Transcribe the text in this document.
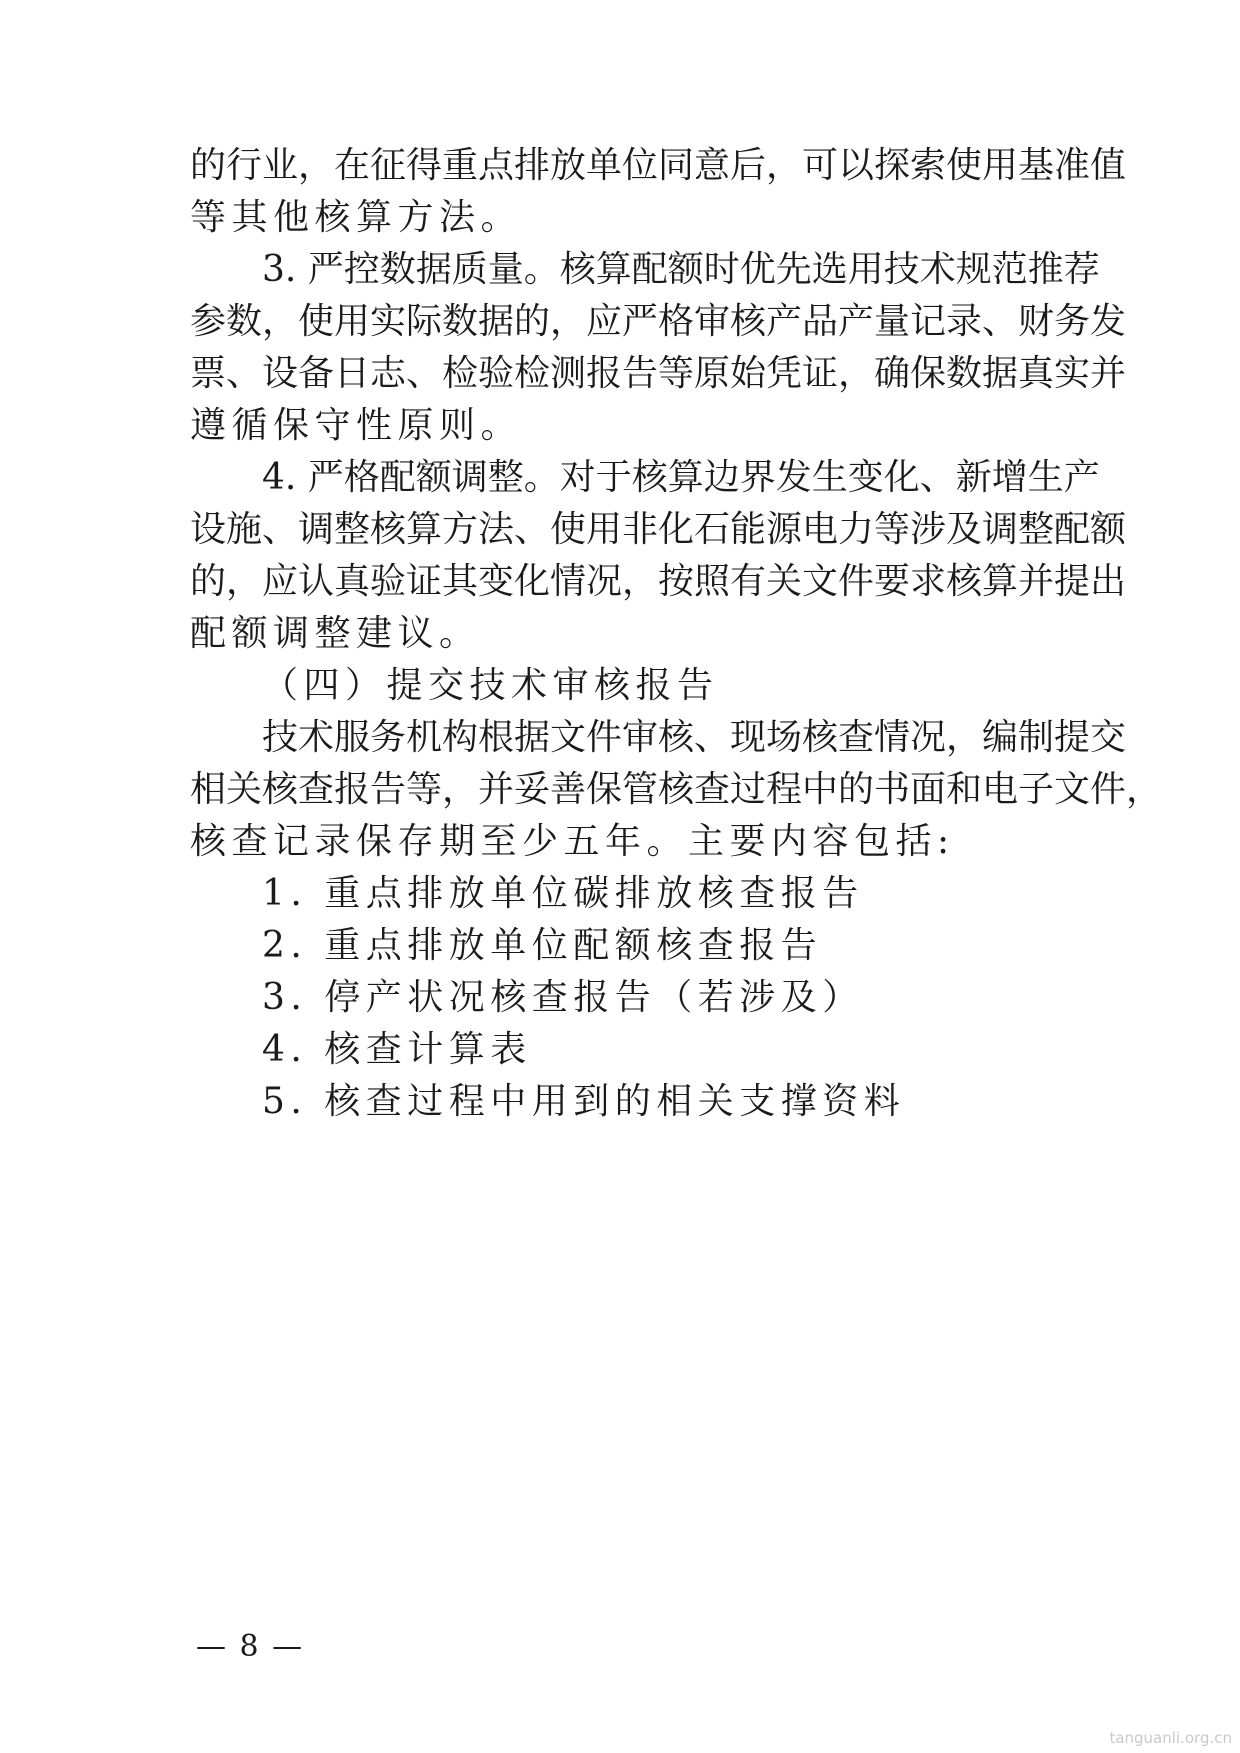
的行业，在征得重点排放单位同意后，可以探索使用基准值
等其他核算方法。
3. 严控数据质量。核算配额时优先选用技术规范推荐
参数，使用实际数据的，应严格审核产品产量记录、财务发
票、设备日志、检验检测报告等原始凭证，确保数据真实并
遵循保守性原则。
4. 严格配额调整。对于核算边界发生变化、新增生产
设施、调整核算方法、使用非化石能源电力等涉及调整配额
的，应认真验证其变化情况，按照有关文件要求核算并提出
配额调整建议。
（四）提交技术审核报告
技术服务机构根据文件审核、现场核查情况，编制提交
相关核查报告等，并妥善保管核查过程中的书面和电子文件，
核查记录保存期至少五年。主要内容包括:
1. 重点排放单位碳排放核查报告
2. 重点排放单位配额核查报告
3. 停产状况核查报告（若涉及）
4. 核查计算表
5. 核查过程中用到的相关支撑资料
— 8 —
tanguanli.org.cn
